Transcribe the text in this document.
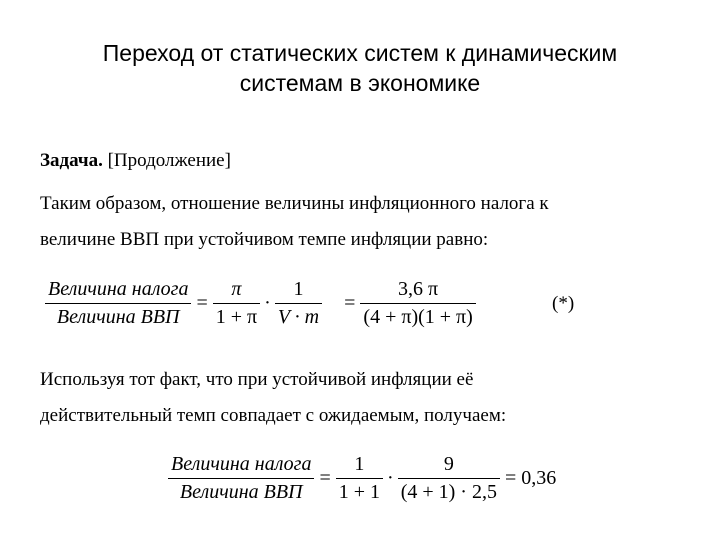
Переход от статических систем к динамическим
системам в экономике
Задача. [Продолжение]
Таким образом, отношение величины инфляционного налога к
величине ВВП при устойчивом темпе инфляции равно:
$\frac{\text{Величина налога}}{\text{Величина ВВП}} = \frac{\pi}{1 + \pi} \cdot \frac{1}{V \cdot m} = \frac{3,6 \pi}{(4 + \pi)(1 + \pi)}$	(*)
Используя тот факт, что при устойчивой инфляции её
действительный темп совпадает с ожидаемым, получаем:
$\frac{\text{Величина налога}}{\text{Величина ВВП}} = \frac{1}{1 + 1} \cdot \frac{9}{(4 + 1) \cdot 2,5} = 0,36$
